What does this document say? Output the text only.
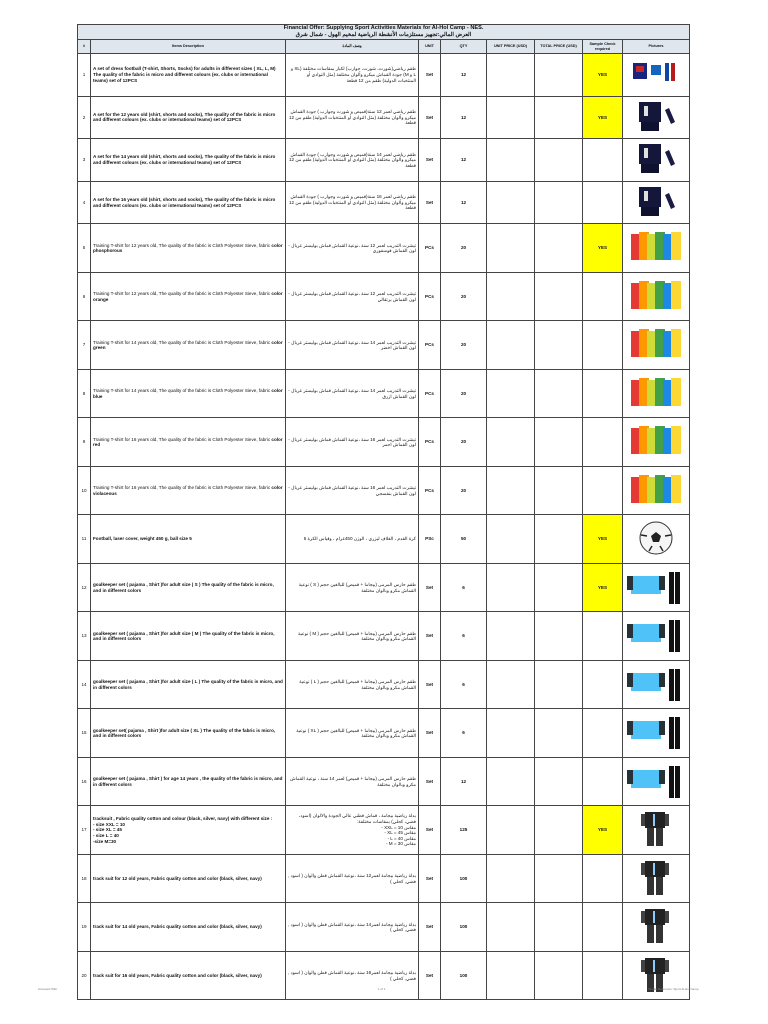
Financial Offer: Supplying Sport Activities Materials for Al-Hol Camp - NES.
العرض المالي:تجهيز مستلزمات الأنشطة الرياضية لمخيم الهول - شمال شرق								

#	Items Description	وصف المادة	UNIT	QTY	UNIT PRICE (USD)	TOTAL PRICE (USD)	Sample Check required	Pictures
1	A set of dress football (T-shirt, Shorts, Socks) for adults in different sizes ( XL, L, M) The quality of the fabric is micro and different colours (ex. clubs or international teams) set of 12PCS	طقم رياضي(شورت، شورت، جوارب) لكبار بمقاسات مختلفة (XL و L و M) جودة القماش ميكرو وألوان مختلفة (مثل النوادي أو المنتخبات الدولية) طقم من 12 قطعة	Set	12			YES	
2	A set for the 12 years old (shirt, shorts and socks), The quality of the fabric is micro and different colours (ex. clubs or international teams) set of 12PCS	طقم رياضي لعمر 12 سنة(قميص و شورت وجوارب ) جودة القماش ميكرو وألوان مختلفة (مثل النوادي أو المنتخبات الدولية) طقم من 12 قطعة	Set	12			YES	
3	A set for the 14 years old (shirt, shorts and socks), The quality of the fabric is micro and different colours (ex. clubs or international teams) set of 12PCS	طقم رياضي لعمر 14 سنة(قميص و شورت وجوارب ) جودة القماش ميكرو وألوان مختلفة (مثل النوادي أو المنتخبات الدولية) طقم من 12 قطعة	Set	12				
4	A set for the 16 years old (shirt, shorts and socks), The quality of the fabric is micro and different colours (ex. clubs or international teams) set of 12PCS	طقم رياضي لعمر 16 سنة(قميص و شورت وجوارب ) جودة القماش ميكرو وألوان مختلفة (مثل النوادي أو المنتخبات الدولية) طقم من 12 قطعة	Set	12				
5	Training T-shirt for 12 years old, The quality of the fabric is Cloth Polyester Sieve, fabric color phosphorous	تيشرت التدريب لعمر 12 سنة ،نوعية القماش قماش بوليستر غربال - لون القماش فوسفوري	PCs	20			YES	
6	Training T-shirt for 12 years old, The quality of the fabric is Cloth Polyester Sieve, fabric color orange	تيشرت التدريب لعمر 12 سنة ،نوعية القماش قماش بوليستر غربال - لون القماش برتقالي	PCs	20				
7	Training T-shirt for 14 years old, The quality of the fabric is Cloth Polyester Sieve, fabric color green	تيشرت التدريب لعمر 14 سنة ،نوعية القماش قماش بوليستر غربال - لون القماش اخضر	PCs	20				
8	Training T-shirt for 14 years old, The quality of the fabric is Cloth Polyester Sieve, fabric color blue	تيشرت التدريب لعمر 14 سنة ،نوعية القماش قماش بوليستر غربال - لون القماش ازرق	PCs	20				
9	Training T-shirt for 16 years old, The quality of the fabric is Cloth Polyester Sieve, fabric color red	تيشرت التدريب لعمر 16 سنة ،نوعية القماش قماش بوليستر غربال - لون القماش احمر	PCs	20				
10	Training T-shirt for 16 years old, The quality of the fabric is Cloth Polyester Sieve, fabric color violaceous	تيشرت التدريب لعمر 16 سنة ،نوعية القماش قماش بوليستر غربال - لون القماش بنفسجي	PCs	20				
11	Football, laser cover, weight 450 g, ball size 5	كرة القدم ، الغلاف ليزري ، الوزن 450غرام ، وقياس الكرة 5	PSc	50			YES	
12	goalkeeper set ( pajama , Shirt )for adult size ( S ) The quality of the fabric is micro, and in different colors	طقم حارس المرمى (بيجاما + قميص) للبالغين حجم ( S ) نوعية القماش مكرو وبالوان مختلفة	Set	6			YES	
13	goalkeeper set ( pajama , Shirt )for adult size ( M ) The quality of the fabric is micro, and in different colors	طقم حارس المرمى (بيجاما + قميص) للبالغين حجم ( M ) نوعية القماش مكرو وبالوان مختلفة	Set	6				
14	goalkeeper set ( pajama , Shirt )for adult size ( L ) The quality of the fabric is micro, and in different colors	طقم حارس المرمى (بيجاما + قميص) للبالغين حجم ( L ) نوعية القماش مكرو وبالوان مختلفة	Set	6				
15	goalkeeper set( pajama , Shirt )for adult size ( XL ) The quality of the fabric is micro, and in different colors	طقم حارس المرمى (بيجاما + قميص) للبالغين حجم ( XL ) نوعية القماش مكرو وبالوان مختلفة	Set	6				
16	goalkeeper set ( pajama , Shirt ) for age 14 years , the quality of the fabric is micro, and in different colors	طقم حارس المرمى (بيجاما + قميص) لعمر 14 سنة ، نوعية القماش مكرو وبالوان مختلفة	Set	12				
17	tracksuit , Fabric quality cotton and colour (black, silver, navy) with different size :
- size XXL = 10
- size XL = 45
- size L = 40
-size M=30	بدلة رياضية بيجامة ، قماش قطني عالي الجودة والالوان (اسود، فضي، كحلي) بمقاسات مختلفة:
مقاس XXL = 10 -
مقاس XL = 45 -
مقاس L = 40 -
مقاس M = 30 -	Set	125			YES	
18	track suit for 12 old years, Fabric quality cotton and color (black, silver, navy)	بدلة رياضية بيجامة لعمر12 سنة ،نوعية القماش قطن والوان ( اسود , فضي, كحلي )	Set	100				
19	track suit for 14 old years, Fabric quality cotton and color (black, silver, navy)	بدلة رياضية بيجامة لعمر14 سنة ،نوعية القماش قطن والوان ( اسود , فضي, كحلي )	Set	100				
20	track suit for 16 old years, Fabric quality cotton and color (black, silver, navy)	بدلة رياضية بيجامة لعمر16 سنة ،نوعية القماش قطن والوان ( اسود , فضي, كحلي )	Set	100				
Annexed Offer	1 of 1	Tender Reference: Sport Al-Hol Camp
